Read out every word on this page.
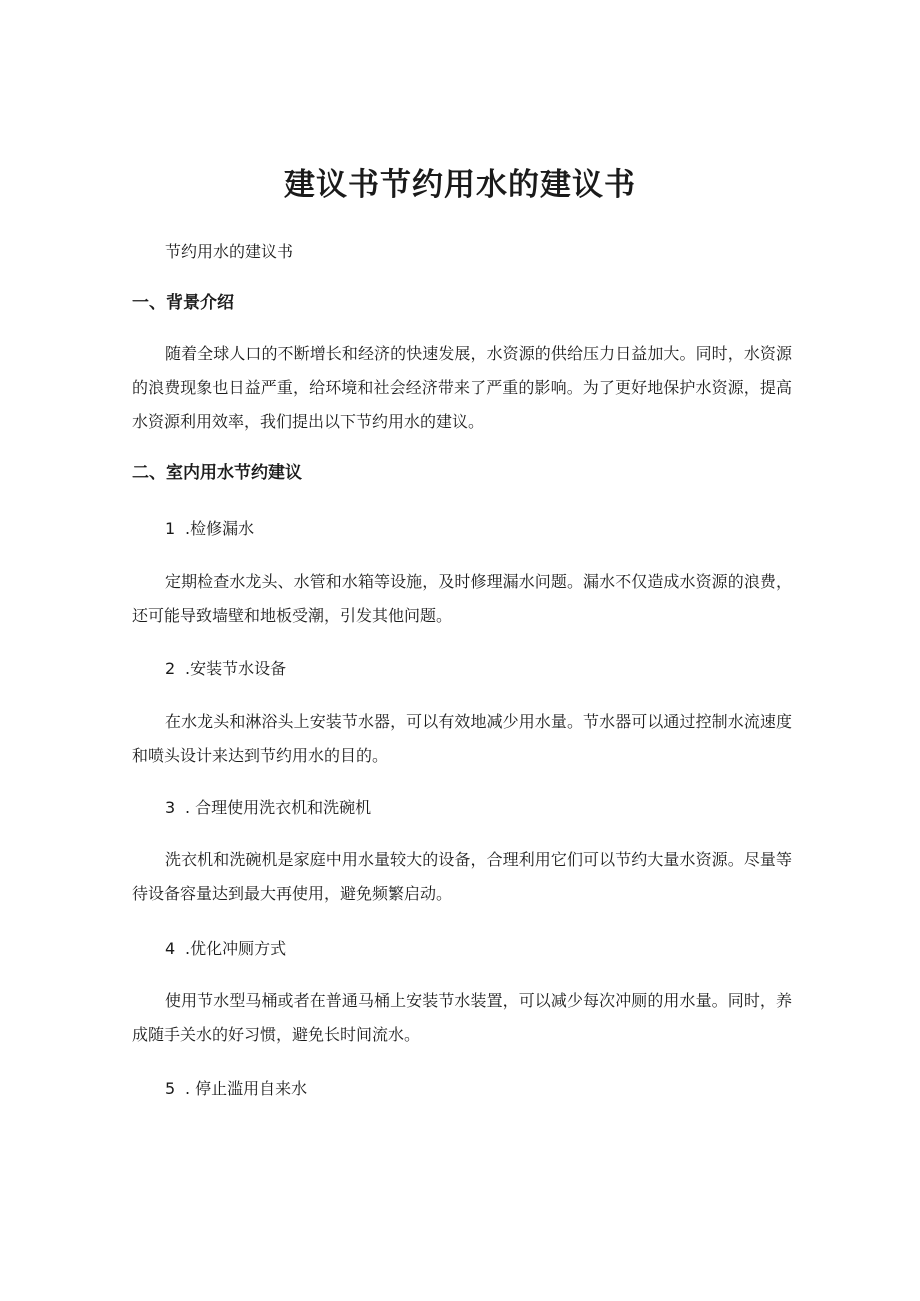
建议书节约用水的建议书
节约用水的建议书
一、背景介绍
随着全球人口的不断增长和经济的快速发展，水资源的供给压力日益加大。同时，水资源的浪费现象也日益严重，给环境和社会经济带来了严重的影响。为了更好地保护水资源，提高水资源利用效率，我们提出以下节约用水的建议。
二、室内用水节约建议
1 .检修漏水
定期检查水龙头、水管和水箱等设施，及时修理漏水问题。漏水不仅造成水资源的浪费，还可能导致墙壁和地板受潮，引发其他问题。
2 .安装节水设备
在水龙头和淋浴头上安装节水器，可以有效地减少用水量。节水器可以通过控制水流速度和喷头设计来达到节约用水的目的。
3 . 合理使用洗衣机和洗碗机
洗衣机和洗碗机是家庭中用水量较大的设备，合理利用它们可以节约大量水资源。尽量等待设备容量达到最大再使用，避免频繁启动。
4 .优化冲厕方式
使用节水型马桶或者在普通马桶上安装节水装置，可以减少每次冲厕的用水量。同时，养成随手关水的好习惯，避免长时间流水。
5 . 停止滥用自来水
